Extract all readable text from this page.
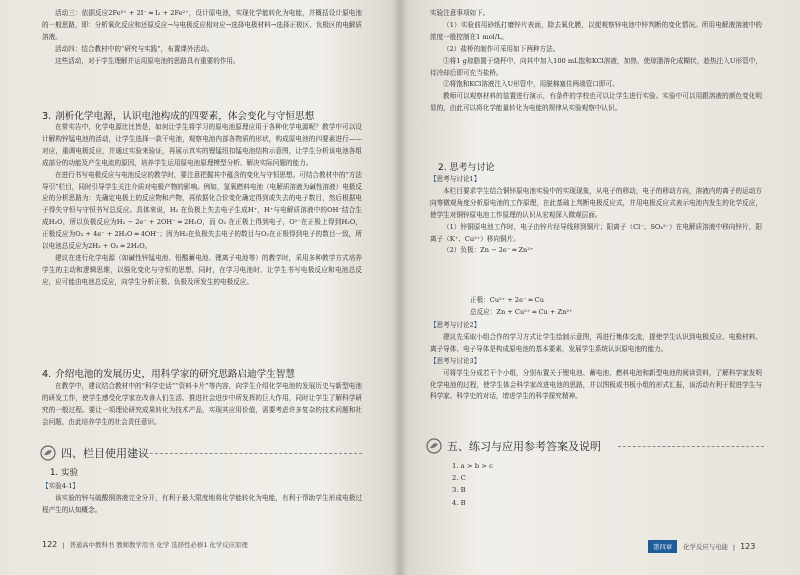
活动三：依据反应2Fe³⁺ + 2I⁻ ═ I₂ + 2Fe²⁺，设计原电池，实现化学能转化为电能，并概括设计原电池的一般思路，即：分析氧化反应和还原反应→与电极反应相对应→选择电极材料→选择正极区、负极区的电解质溶液。

活动四：结合教材中的“研究与实践”，布置课外活动。

这些活动，对于学生理解并运用原电池的思路具有重要的作用。

3. 剖析化学电源，认识电池构成的四要素，体会变化与守恒思想

在常实告中，化学电源比比皆是，如何让学生将学习的原电池原理应用于各种化学电源呢？教学中可以设计解构锌锰电池的活动，让学生选择一款干电池，观察电池内部各物质的形状，构成原电池的四要素进行——对应，重调电极反应，并通过实验来验证，再展示真实的锂锰纽扣锰电池结构示意图，让学生分析该电池各组成部分的功能及产生电流的原因，培养学生运用原电池原理模型分析、解决实际问题的能力。

在进行书写电极反应与电池反应的教学时，要注意把握其中蕴含的变化与守恒思想。可结合教材中的“方法导引”栏目，同时引导学生关注介质对电极产物的影响。例如，氢氧燃料电池（电解质溶液为碱性溶液）电极反应的分析思路为：先确定电极上的反应物和产物，再依据化合价变化确定得到或失去的电子数目，然后根据电子得失守恒与守恒书写总反应。具体来说，H₂ 在负极上失去电子生成H⁺，H⁺与电解质溶液中的OH⁻结合生成H₂O，所以负极反应为H₂ − 2e⁻ + 2OH⁻ ═ 2H₂O，而 O₂ 在正极上得到电子，O²⁻在正极上得到H₂O，正极反应为O₂ + 4e⁻ + 2H₂O ═ 4OH⁻；因为H₂在负极失去电子的数目与O₂在正极得到电子的数目一致，所以电池总反应为2H₂ + O₂ ═ 2H₂O。

建议在进行化学电源（如碱性锌锰电池、铅酸蓄电池、锂离子电池等）的教学时，采用多种教学方式培养学生的主动和逻辑思维，以强化变化与守恒的思想，同时，在学习电池时，让学生书写电极反应和电池总反应，应可能由电池总反应，向学生分析正极、负极及所发生的电极反应。

4. 介绍电池的发展历史，用科学家的研究思路启迪学生智慧

在教学中，建议结合教材中的“科学史话”“资料卡片”等内容，向学生介绍化学电池的发展历史与新型电池的研发工作，使学生感受化学家在改善人们生活、推进社会进步中所发挥的巨大作用，同时让学生了解科学研究的一般过程。要让一项理论研究成果转化为技术产品，实现其应用价值，需要考虑许多复杂的技术问题和社会问题，由此培养学生的社会责任意识。

四、栏目使用建议
1. 实验

【实验4-1】

该实验的锌与硫酸铜溶液完全分开，有利于最大限度地将化学能转化为电能，有利于帮助学生形成电极过程产生的认知概念。

122 | 普通高中教科书 教师教学用书 化学 选择性必修1 化学反应原理

实验注意事项如下。

（1）实验前用砂纸打磨锌片表面，除去氧化膜，以便观察锌电池中锌判断的变化情况。所用电解液溶液中的浓度一般控制在1 mol/L。

（2）盐桥的制作可采用如下两种方法。

①将1 g琼脂置于烧杯中，向其中加入100 mL饱和KCl溶液，加热，使琼脂溶化成糊状，趁热注入U形管中，待冷却后即可充当盐桥。

②将饱和KCl溶液注入U形管中，用脱棉塞住两端管口即可。

教师可以观察材料的装置进行演示，有条件的学校也可以让学生进行实验。实验中可以用跟溶液的颜色变化明显的，由此可以将化学能量转化为电能的规律从实验观察中认识。

2. 思考与讨论

【思考与讨论1】

本栏目要求学生结合铜锌原电池实验中的实现现象，从电子的移动，电子的移动方向，溶液内的离子的运动方向等微观角度分析原电池的工作原理，在此基础上判断电极反应式，并用电极反应式表示电池内发生的化学反应，使学生对铜锌原电池工作原理的认识从宏观深入微观层面。

（1）锌铜原电池工作时，电子由锌片经导线移到铜片；阳离子（Cl⁻、SO₄²⁻）在电解质溶液中移向锌片，阳离子（K⁺、Cu²⁺）移向铜片。

（2）负极：Zn − 2e⁻ ═ Zn²⁺

正极：Cu²⁺ + 2e⁻ ═ Cu
总反应：Zn + Cu²⁺ ═ Cu + Zn²⁺

【思考与讨论2】

建议先采取小组合作的学习方式让学生绘制示意图，再进行集体交流，提使学生认识到电极反应、电极材料、离子导体、电子导体是构成原电池的基本要素，发展学生系统认识原电池的能力。

【思考与讨论3】

可将学生分成若干个小组，分别布置关于锂电池、蓄电池、燃料电池和新型电池的阅读资料，了解科学家发明化学电池的过程，使学生体会科学家改进电池的思路，并以图板或书板小组的形式汇报，该活动有利于促进学生与科学家、科学史的对话，增进学生的科学探究精神。

五、练习与应用参考答案及说明
1. a > b > c
2. C
3. B
4. B
第四章	化学反应与电能 | 123
